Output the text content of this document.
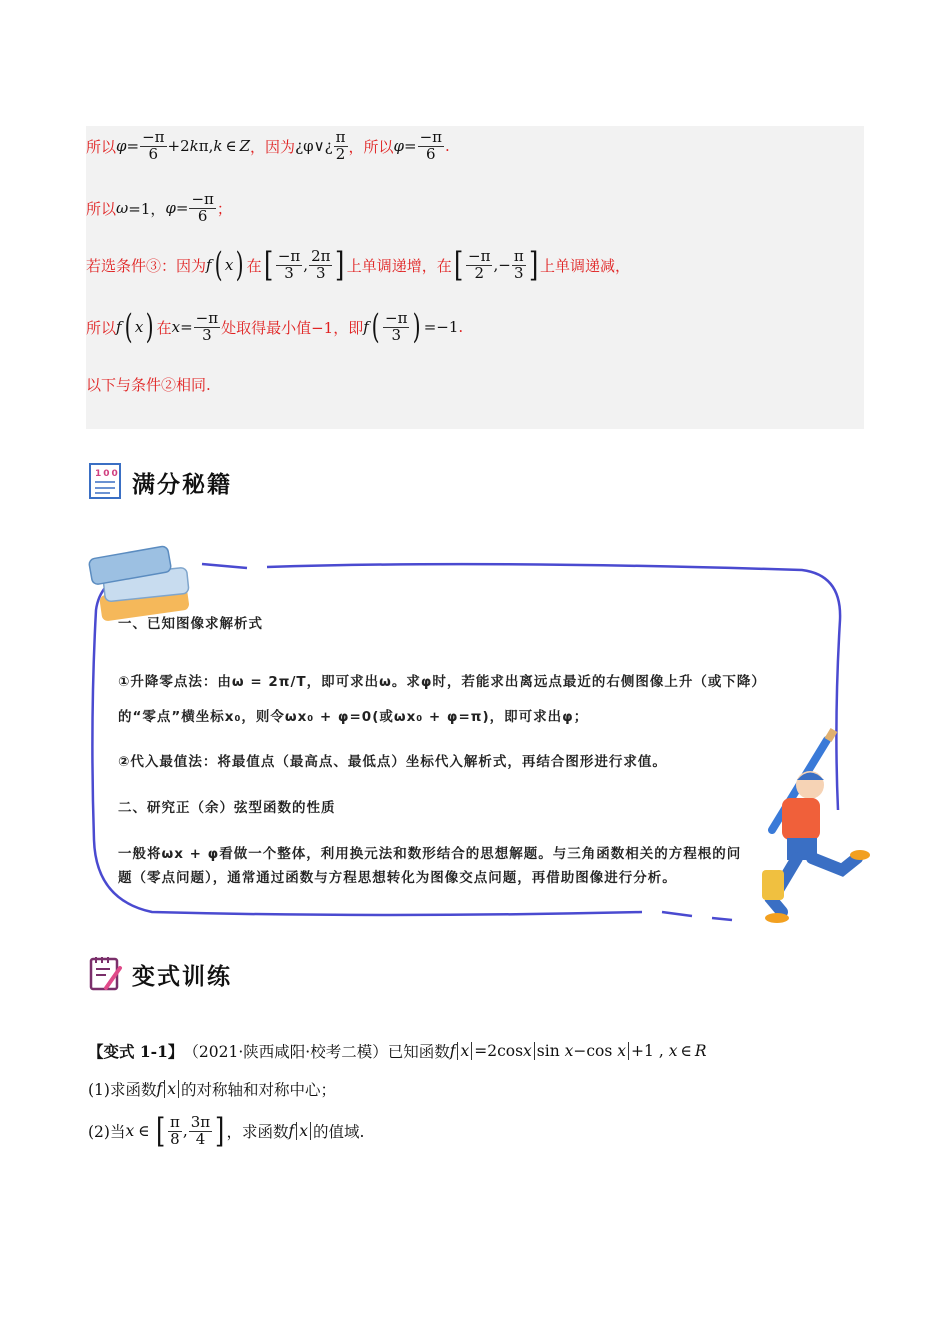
所以 $\varphi = \frac{-\pi}{6} +2$ k π, k ∈ Z ，因为 ¿φ∨¿ $\frac{\pi}{2}$ ，所以 $\varphi = \frac{-\pi}{6}$ .
所以 ω =1， $\varphi = \frac{-\pi}{6}$ ；
若选条件③：因为 f ( x ) 在 [ $\frac{-\pi}{3}$ , $\frac{2\pi}{3}$ ] 上单调递增，在 [ $\frac{-\pi}{2}$ ,− $\frac{\pi}{3}$ ] 上单调递减，
所以 f ( x ) 在 $x = \frac{-\pi}{3}$ 处取得最小值−1，即 f ( $\frac{-\pi}{3}$ ) =−1 .
以下与条件②相同.
100 满分秘籍
一、已知图像求解析式
①升降零点法：由ω = 2π/T，即可求出ω。求φ时，若能求出离远点最近的右侧图像上升（或下降）
的“零点”横坐标x₀，则令ωx₀ + φ=0(或ωx₀ + φ=π)，即可求出φ；
②代入最值法：将最值点（最高点、最低点）坐标代入解析式，再结合图形进行求值。
二、研究正（余）弦型函数的性质
一般将ωx + φ看做一个整体，利用换元法和数形结合的思想解题。与三角函数相关的方程根的问
题（零点问题），通常通过函数与方程思想转化为图像交点问题，再借助图像进行分析。
变式训练
【变式 1-1】 （2021·陕西咸阳·校考二模）已知函数 f x =2cos x sin
x −cos
x +1 ,
x ∈ R
(1)求函数 f x 的对称轴和对称中心；
(2)当 x ∈ [ $\frac{\pi}{8}$ , $\frac{3\pi}{4}$ ] ，求函数 f x 的值域.
